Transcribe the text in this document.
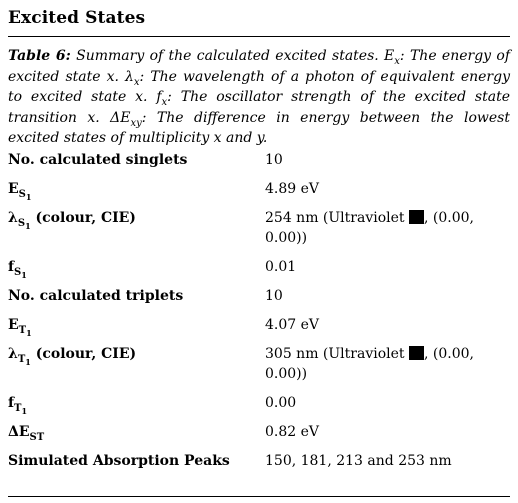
Excited States
Table 6: Summary of the calculated excited states. $E_x$: The energy of excited state x. $\lambda_x$: The wavelength of a photon of equivalent energy to excited state x. $f_x$: The oscillator strength of the excited state transition x. $\Delta E_{xy}$: The difference in energy between the lowest excited states of multiplicity x and y.
No. calculated singlets	10
$E_{S_1}$	4.89 eV
$\lambda_{S_1}$ (colour, CIE)	254 nm (Ultraviolet , (0.00, 0.00))
$f_{S_1}$	0.01
No. calculated triplets	10
$E_{T_1}$	4.07 eV
$\lambda_{T_1}$ (colour, CIE)	305 nm (Ultraviolet , (0.00, 0.00))
$f_{T_1}$	0.00
$\Delta E_{ST}$	0.82 eV
Simulated Absorption Peaks	150, 181, 213 and 253 nm
